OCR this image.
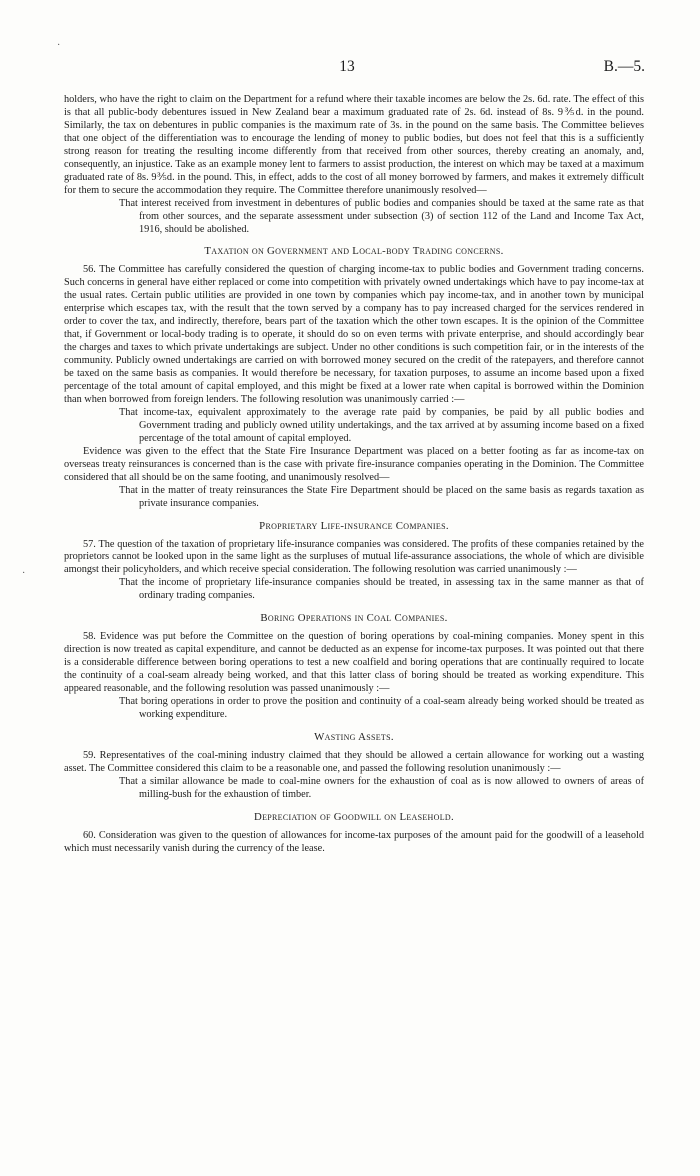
·
·
13	B.—5.

holders, who have the right to claim on the Department for a refund where their taxable incomes are below the 2s. 6d. rate. The effect of this is that all public-body debentures issued in New Zealand bear a maximum graduated rate of 2s. 6d. instead of 8s. 9⅗d. in the pound. Similarly, the tax on debentures in public companies is the maximum rate of 3s. in the pound on the same basis. The Committee believes that one object of the differentiation was to encourage the lending of money to public bodies, but does not feel that this is a sufficiently strong reason for treating the resulting income differently from that received from other sources, thereby creating an anomaly, and, consequently, an injustice. Take as an example money lent to farmers to assist production, the interest on which may be taxed at a maximum graduated rate of 8s. 9⅗d. in the pound. This, in effect, adds to the cost of all money borrowed by farmers, and makes it extremely difficult for them to secure the accommodation they require. The Committee therefore unanimously resolved—

That interest received from investment in debentures of public bodies and companies should be taxed at the same rate as that from other sources, and the separate assessment under subsection (3) of section 112 of the Land and Income Tax Act, 1916, should be abolished.

Taxation on Government and Local-body Trading concerns.

56. The Committee has carefully considered the question of charging income-tax to public bodies and Government trading concerns. Such concerns in general have either replaced or come into competition with privately owned undertakings which have to pay income-tax at the usual rates. Certain public utilities are provided in one town by companies which pay income-tax, and in another town by municipal enterprise which escapes tax, with the result that the town served by a company has to pay increased charged for the services rendered in order to cover the tax, and indirectly, therefore, bears part of the taxation which the other town escapes. It is the opinion of the Committee that, if Government or local-body trading is to operate, it should do so on even terms with private enterprise, and should accordingly bear the charges and taxes to which private undertakings are subject. Under no other conditions is such competition fair, or in the interests of the community. Publicly owned undertakings are carried on with borrowed money secured on the credit of the ratepayers, and therefore cannot be taxed on the same basis as companies. It would therefore be necessary, for taxation purposes, to assume an income based upon a fixed percentage of the total amount of capital employed, and this might be fixed at a lower rate when capital is borrowed within the Dominion than when borrowed from foreign lenders. The following resolution was unanimously carried :—

That income-tax, equivalent approximately to the average rate paid by companies, be paid by all public bodies and Government trading and publicly owned utility undertakings, and the tax arrived at by assuming income based on a fixed percentage of the total amount of capital employed.

Evidence was given to the effect that the State Fire Insurance Department was placed on a better footing as far as income-tax on overseas treaty reinsurances is concerned than is the case with private fire-insurance companies operating in the Dominion. The Committee considered that all should be on the same footing, and unanimously resolved—

That in the matter of treaty reinsurances the State Fire Department should be placed on the same basis as regards taxation as private insurance companies.

Proprietary Life-insurance Companies.

57. The question of the taxation of proprietary life-insurance companies was considered. The profits of these companies retained by the proprietors cannot be looked upon in the same light as the surpluses of mutual life-assurance associations, the whole of which are divisible amongst their policyholders, and which receive special consideration. The following resolution was carried unanimously :—

That the income of proprietary life-insurance companies should be treated, in assessing tax in the same manner as that of ordinary trading companies.

Boring Operations in Coal Companies.

58. Evidence was put before the Committee on the question of boring operations by coal-mining companies. Money spent in this direction is now treated as capital expenditure, and cannot be deducted as an expense for income-tax purposes. It was pointed out that there is a considerable difference between boring operations to test a new coalfield and boring operations that are continually required to locate the continuity of a coal-seam already being worked, and that this latter class of boring should be treated as working expenditure. This appeared reasonable, and the following resolution was passed unanimously :—

That boring operations in order to prove the position and continuity of a coal-seam already being worked should be treated as working expenditure.

Wasting Assets.

59. Representatives of the coal-mining industry claimed that they should be allowed a certain allowance for working out a wasting asset. The Committee considered this claim to be a reasonable one, and passed the following resolution unanimously :—

That a similar allowance be made to coal-mine owners for the exhaustion of coal as is now allowed to owners of areas of milling-bush for the exhaustion of timber.

Depreciation of Goodwill on Leasehold.

60. Consideration was given to the question of allowances for income-tax purposes of the amount paid for the goodwill of a leasehold which must necessarily vanish during the currency of the lease.
